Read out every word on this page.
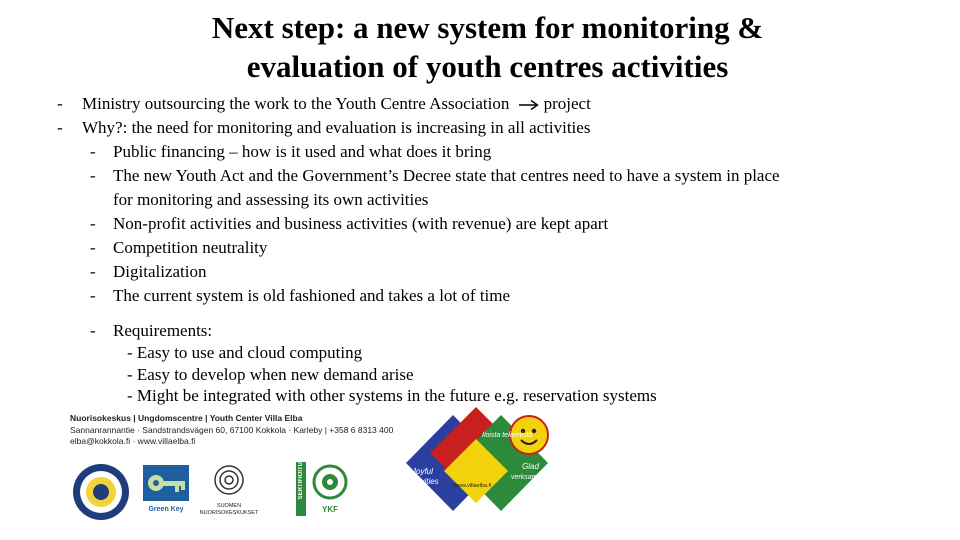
Next step: a new system for monitoring &
evaluation of youth centres activities
- Ministry outsourcing the work to the Youth Centre Association project
- Why?: the need for monitoring and evaluation is increasing in all activities
- Public financing – how is it used and what does it bring
- The new Youth Act and the Government’s Decree state that centres need to have a system in place
for monitoring and assessing its own activities
- Non-profit activities and business activities (with revenue) are kept apart
- Competition neutrality
- Digitalization
- The current system is old fashioned and takes a lot of time
- Requirements:
- Easy to use and cloud computing
- Easy to develop when new demand arise
- Might be integrated with other systems in the future e.g. reservation systems
Nuorisokeskus | Ungdomscentre | Youth Center Villa Elba
Sannanrannantie · Sandstrandsvägen 60, 67100 Kokkola · Karleby | +358 6 8313 400
elba@kokkola.fi · www.villaelba.fi
Green Key	SUOMEN
NUORISOKESKUKSET
SERTIFIOITU
YKF
Iloista tekemistä
Joyful
activities
Glad
verksamhet
www.villaelba.fi
